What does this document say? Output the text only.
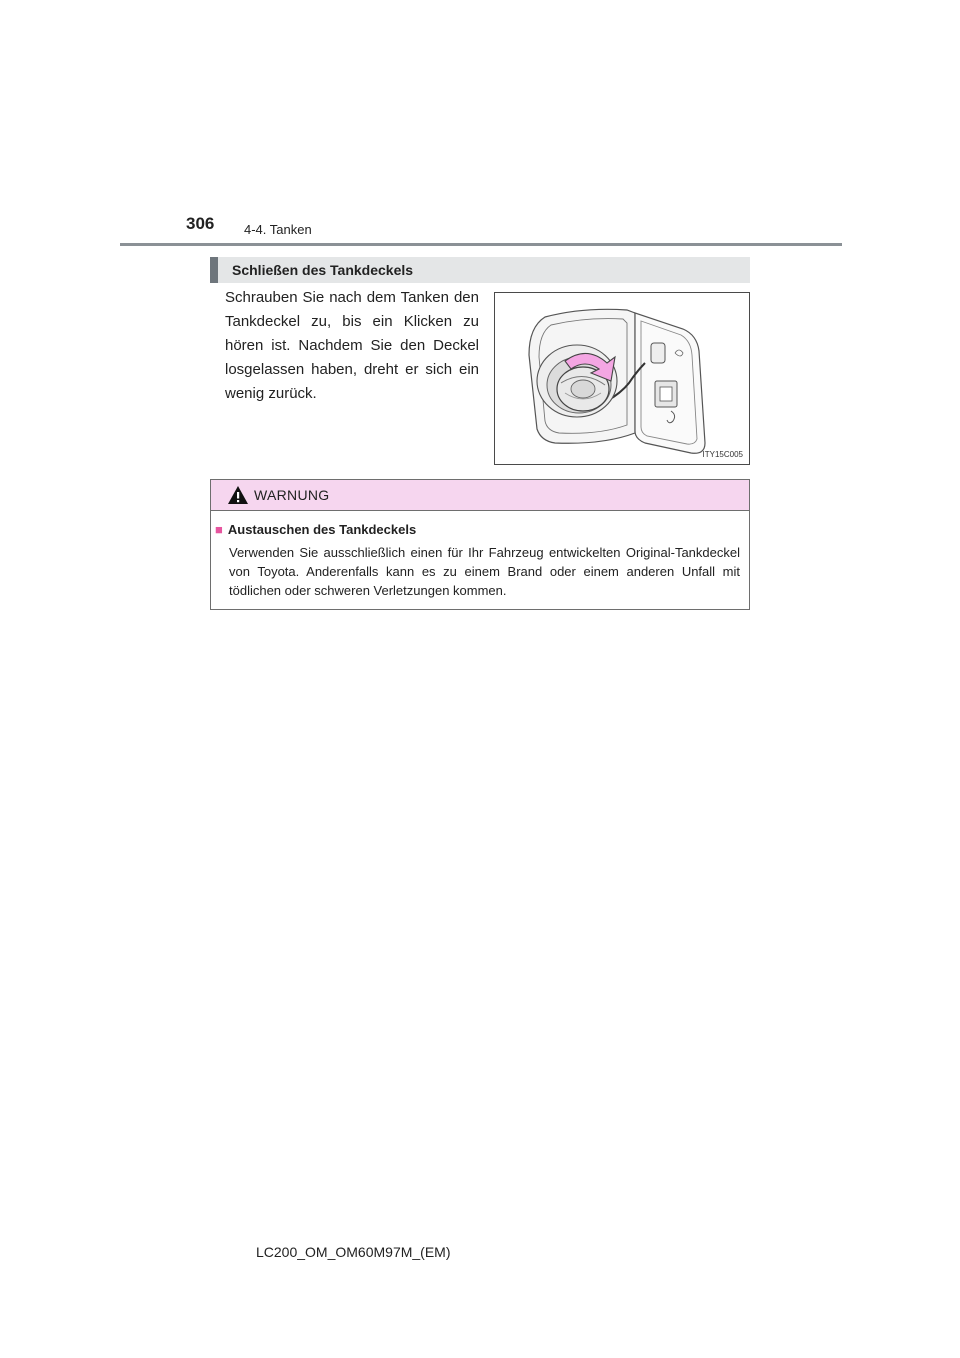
306 4-4. Tanken
Schließen des Tankdeckels

Schrauben Sie nach dem Tanken den Tankdeckel zu, bis ein Klicken zu hören ist. Nachdem Sie den Deckel losgelassen haben, dreht er sich ein wenig zurück.

ITY15C005
WARNUNG
■ Austauschen des Tankdeckels

Verwenden Sie ausschließlich einen für Ihr Fahrzeug entwickelten Original-Tankdeckel von Toyota. Anderenfalls kann es zu einem Brand oder einem anderen Unfall mit tödlichen oder schweren Verletzungen kommen.

LC200_OM_OM60M97M_(EM)
